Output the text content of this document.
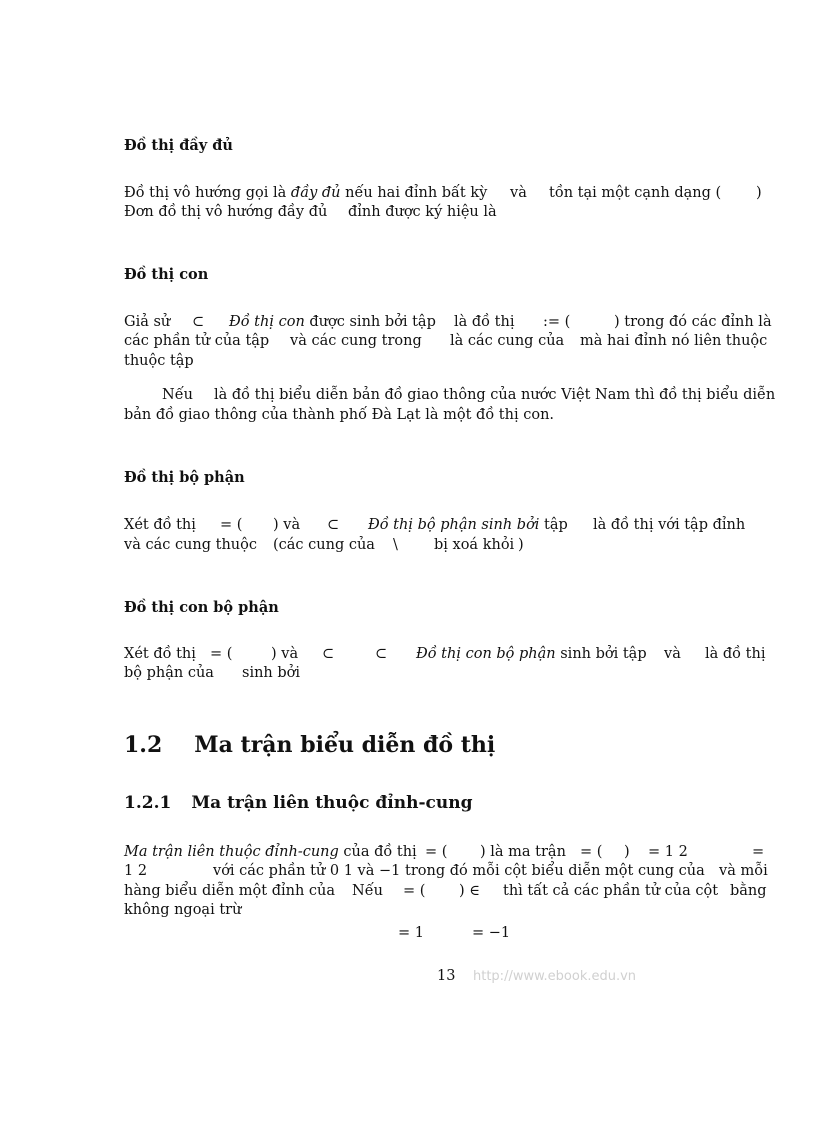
Đồ thị đầy đủ
Đồ thị vô hướng gọi là đầy đủ nếu hai đỉnh bất kỳ và tồn tại một cạnh dạng ( )
Đơn đồ thị vô hướng đầy đủ đỉnh được ký hiệu là
Đồ thị con
Giả sử ⊂ Đồ thị con được sinh bởi tập là đồ thị := (	) trong đó các đỉnh là
các phần tử của tập và các cung trong là các cung của mà hai đỉnh nó liên thuộc
thuộc tập
Nếu là đồ thị biểu diễn bản đồ giao thông của nước Việt Nam thì đồ thị biểu diễn
bản đồ giao thông của thành phố Đà Lạt là một đồ thị con.
Đồ thị bộ phận
Xét đồ thị = ( ) và ⊂ Đồ thị bộ phận sinh bởi tập là đồ thị với tập đỉnh
và các cung thuộc (các cung của \ bị xoá khỏi )
Đồ thị con bộ phận
Xét đồ thị = (	) và ⊂	⊂ Đồ thị con bộ phận sinh bởi tập và là đồ thị
bộ phận của sinh bởi
1.2 Ma trận biểu diễn đồ thị
1.2.1 Ma trận liên thuộc đỉnh-cung
Ma trận liên thuộc đỉnh-cung của đồ thị = ( ) là ma trận = ( ) = 1 2	=
1 2	với các phần tử 0 1 và −1 trong đó mỗi cột biểu diễn một cung của và mỗi
hàng biểu diễn một đỉnh của Nếu = ( ) ∈ thì tất cả các phần tử của cột bằng
không ngoại trừ
= 1	= −1
13 http://www.ebook.edu.vn
